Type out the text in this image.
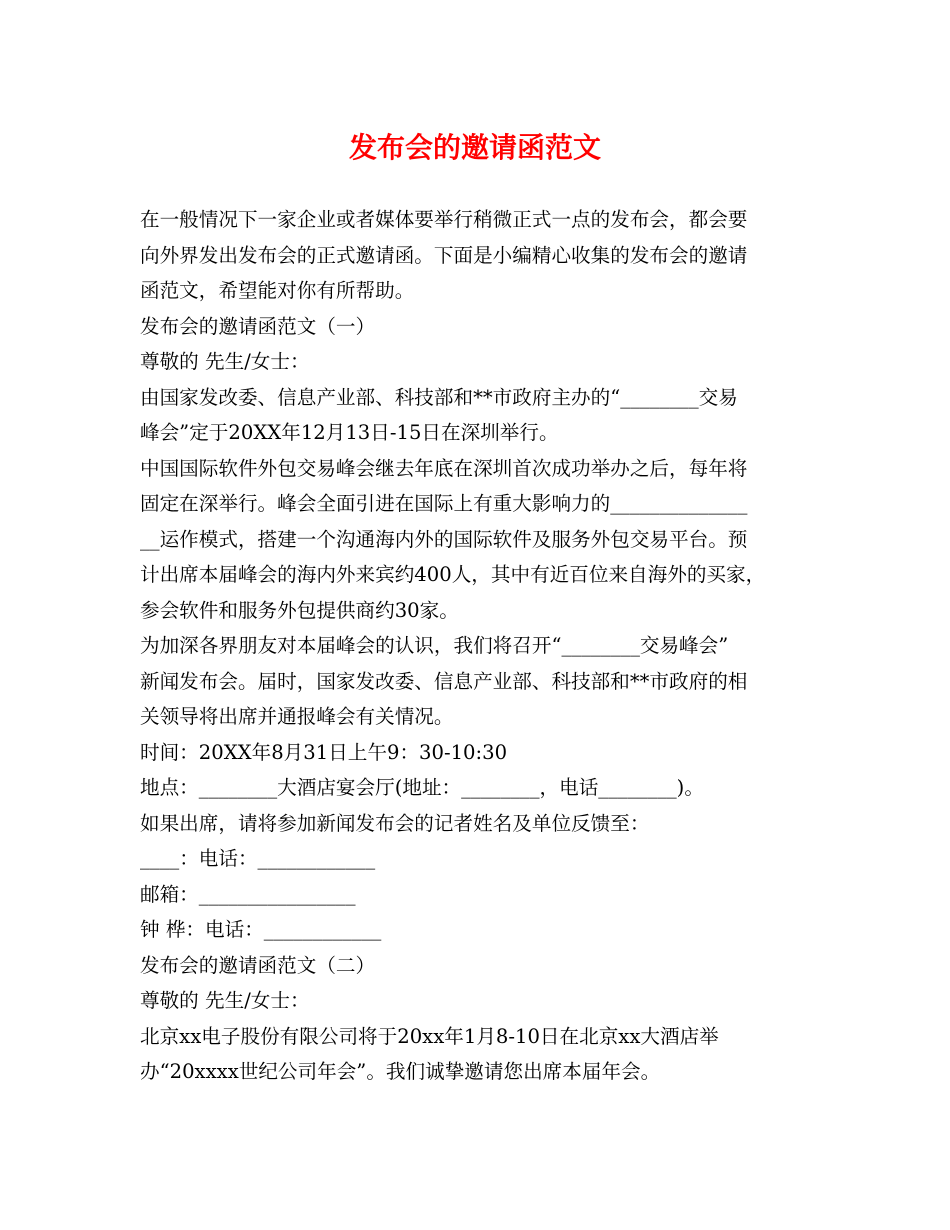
发布会的邀请函范文
在一般情况下一家企业或者媒体要举行稍微正式一点的发布会，都会要
向外界发出发布会的正式邀请函。下面是小编精心收集的发布会的邀请
函范文，希望能对你有所帮助。
发布会的邀请函范文（一）
尊敬的 先生/女士：
由国家发改委、信息产业部、科技部和**市政府主办的“________交易
峰会”定于20XX年12月13日-15日在深圳举行。
中国国际软件外包交易峰会继去年底在深圳首次成功举办之后，每年将
固定在深举行。峰会全面引进在国际上有重大影响力的______________
__运作模式，搭建一个沟通海内外的国际软件及服务外包交易平台。预
计出席本届峰会的海内外来宾约400人，其中有近百位来自海外的买家，
参会软件和服务外包提供商约30家。
为加深各界朋友对本届峰会的认识，我们将召开“________交易峰会”
新闻发布会。届时，国家发改委、信息产业部、科技部和**市政府的相
关领导将出席并通报峰会有关情况。
时间：20XX年8月31日上午9：30-10:30
地点：________大酒店宴会厅(地址：________，电话________)。
如果出席，请将参加新闻发布会的记者姓名及单位反馈至：
____：电话：____________
邮箱：________________
钟 桦：电话：____________
发布会的邀请函范文（二）
尊敬的 先生/女士：
北京xx电子股份有限公司将于20xx年1月8-10日在北京xx大酒店举
办“20xxxx世纪公司年会”。我们诚挚邀请您出席本届年会。
